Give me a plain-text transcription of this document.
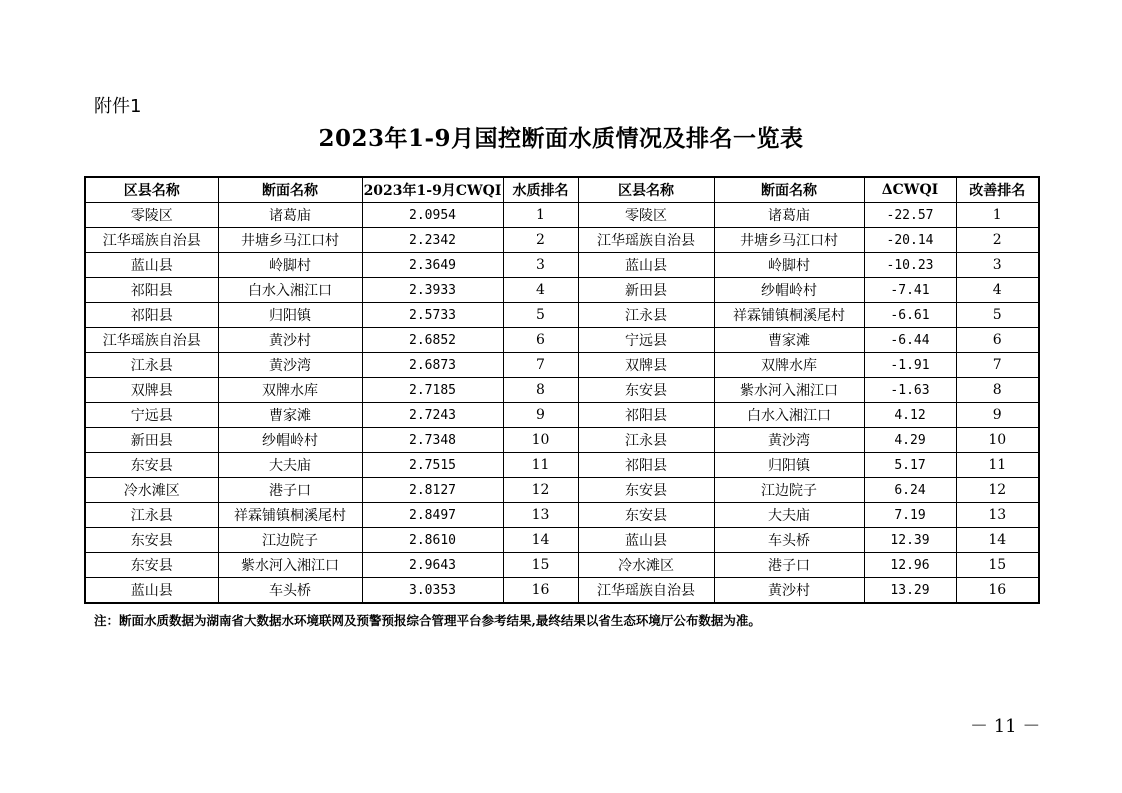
附件1
2023年1-9月国控断面水质情况及排名一览表
区县名称	断面名称	2023年1-9月CWQI	水质排名	区县名称	断面名称	ΔCWQI	改善排名
零陵区	诸葛庙	2.0954	1	零陵区	诸葛庙	-22.57	1
江华瑶族自治县	井塘乡马江口村	2.2342	2	江华瑶族自治县	井塘乡马江口村	-20.14	2
蓝山县	岭脚村	2.3649	3	蓝山县	岭脚村	-10.23	3
祁阳县	白水入湘江口	2.3933	4	新田县	纱帽岭村	-7.41	4
祁阳县	归阳镇	2.5733	5	江永县	祥霖铺镇桐溪尾村	-6.61	5
江华瑶族自治县	黄沙村	2.6852	6	宁远县	曹家滩	-6.44	6
江永县	黄沙湾	2.6873	7	双牌县	双牌水库	-1.91	7
双牌县	双牌水库	2.7185	8	东安县	紫水河入湘江口	-1.63	8
宁远县	曹家滩	2.7243	9	祁阳县	白水入湘江口	4.12	9
新田县	纱帽岭村	2.7348	10	江永县	黄沙湾	4.29	10
东安县	大夫庙	2.7515	11	祁阳县	归阳镇	5.17	11
冷水滩区	港子口	2.8127	12	东安县	江边院子	6.24	12
江永县	祥霖铺镇桐溪尾村	2.8497	13	东安县	大夫庙	7.19	13
东安县	江边院子	2.8610	14	蓝山县	车头桥	12.39	14
东安县	紫水河入湘江口	2.9643	15	冷水滩区	港子口	12.96	15
蓝山县	车头桥	3.0353	16	江华瑶族自治县	黄沙村	13.29	16
注：断面水质数据为湖南省大数据水环境联网及预警预报综合管理平台参考结果,最终结果以省生态环境厅公布数据为准。
－ 11 －
